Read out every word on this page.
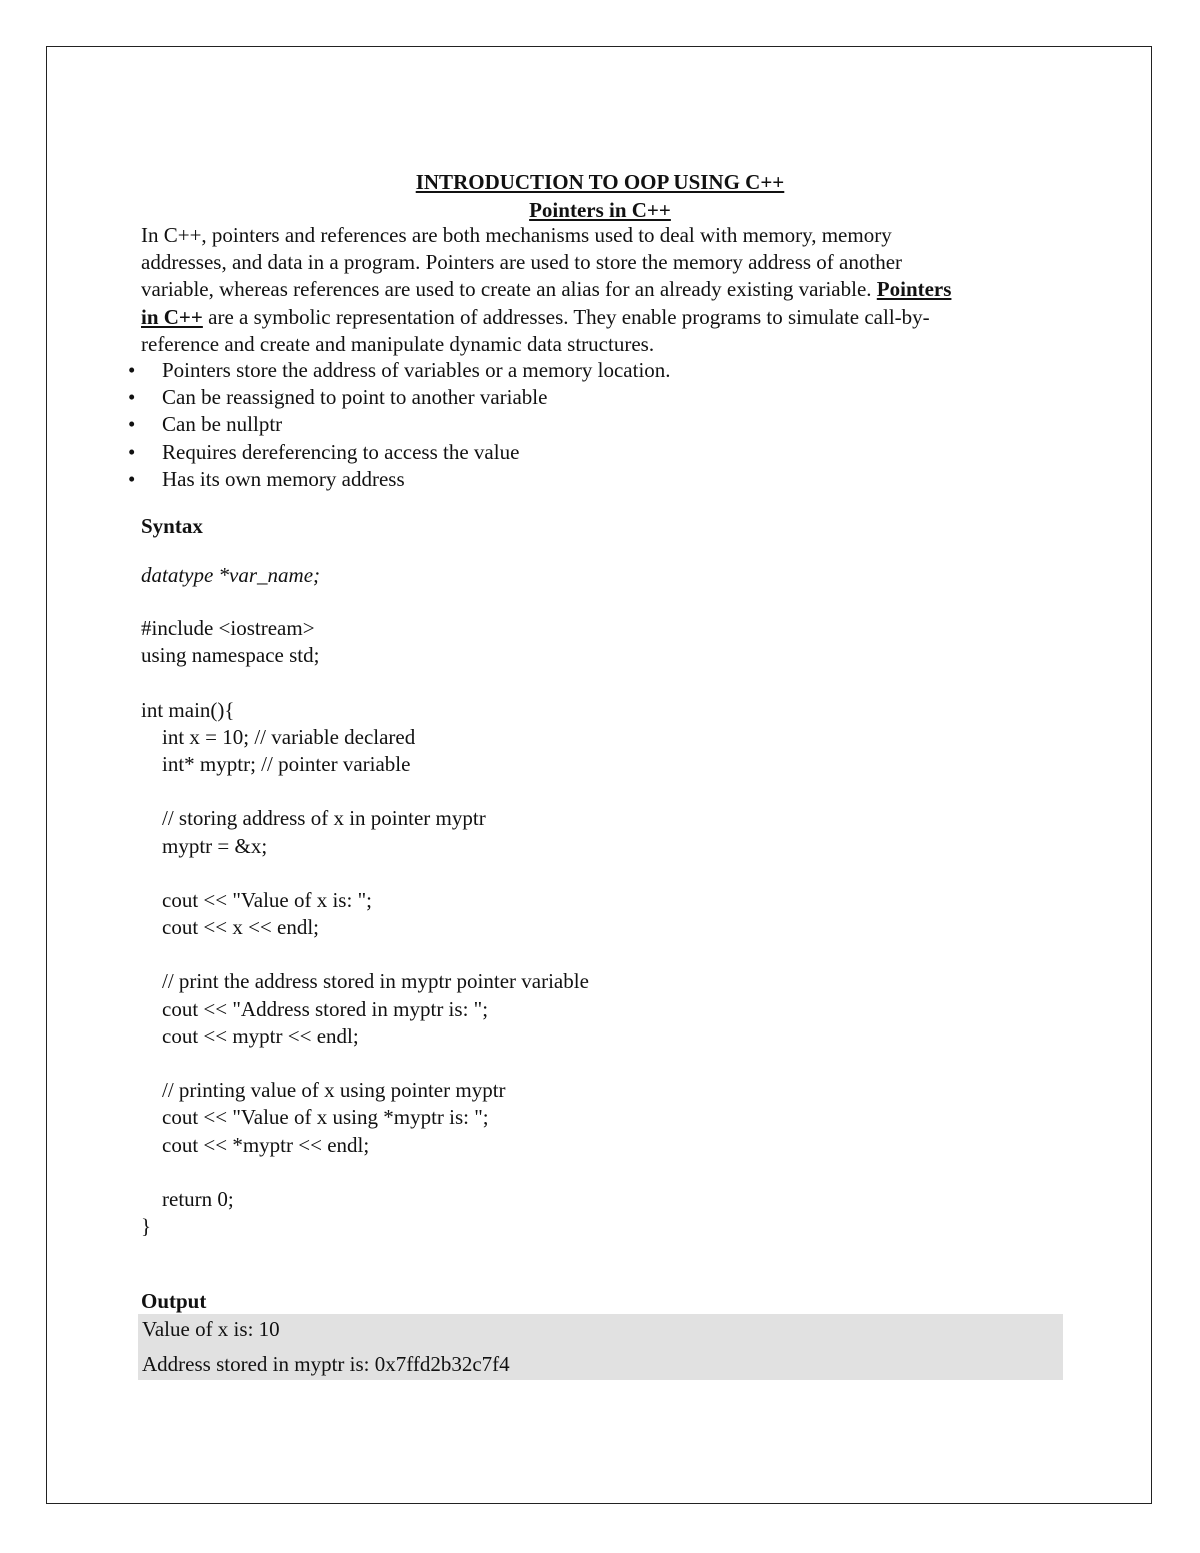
INTRODUCTION TO OOP USING C++
Pointers in C++

In C++, pointers and references are both mechanisms used to deal with memory, memory

addresses, and data in a program. Pointers are used to store the memory address of another

variable, whereas references are used to create an alias for an already existing variable. Pointers

in C++ are a symbolic representation of addresses. They enable programs to simulate call-by-

reference and create and manipulate dynamic data structures.

• Pointers store the address of variables or a memory location.
• Can be reassigned to point to another variable
• Can be nullptr
• Requires dereferencing to access the value
• Has its own memory address
Syntax
datatype *var_name;
#include <iostream>
using namespace std;
int main(){
int x = 10; // variable declared
int* myptr; // pointer variable
// storing address of x in pointer myptr
myptr = &x;
cout << "Value of x is: ";
cout << x << endl;
// print the address stored in myptr pointer variable
cout << "Address stored in myptr is: ";
cout << myptr << endl;
// printing value of x using pointer myptr
cout << "Value of x using *myptr is: ";
cout << *myptr << endl;
return 0;
}
Output
Value of x is: 10
Address stored in myptr is: 0x7ffd2b32c7f4
